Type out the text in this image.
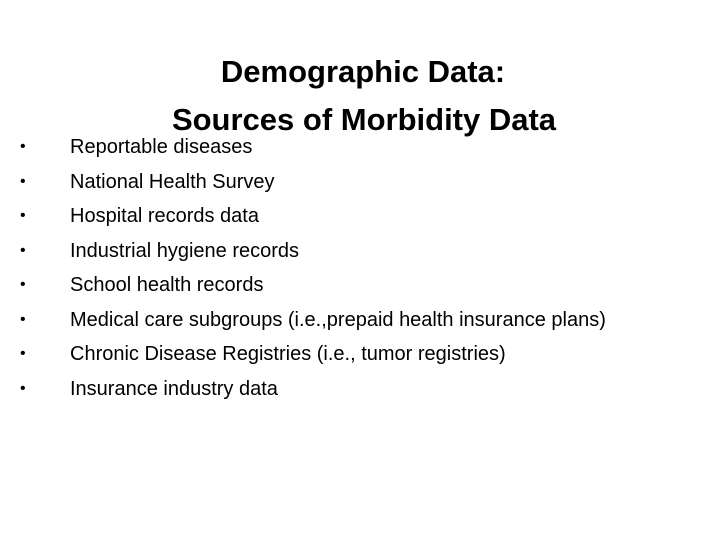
Demographic Data:
Sources of Morbidity Data
•	Reportable diseases
•	National Health Survey
•	Hospital records data
•	Industrial hygiene records
•	School health records
•	Medical care subgroups (i.e.,prepaid health insurance plans)
•	Chronic Disease Registries (i.e., tumor registries)
•	Insurance industry data
